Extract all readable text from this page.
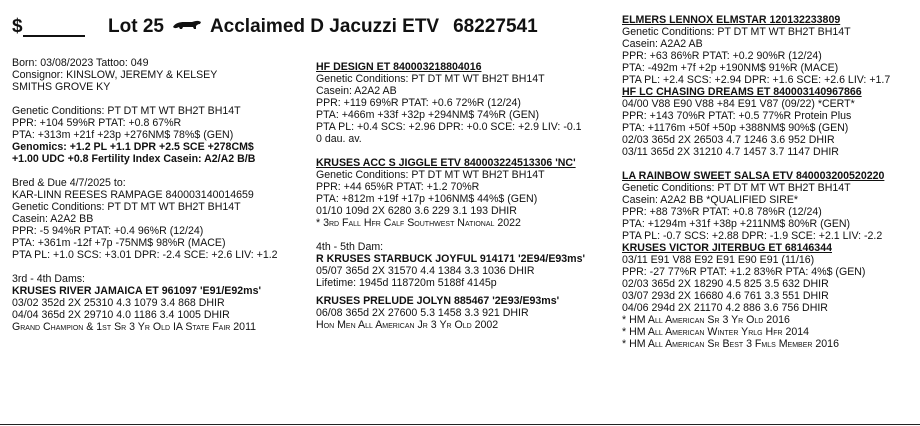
$	Lot 25 Acclaimed D Jacuzzi ETV 68227541
Born: 03/08/2023 Tattoo: 049
Consignor: KINSLOW, JEREMY & KELSEY
SMITHS GROVE KY
Genetic Conditions: PT DT MT WT BH2T BH14T
PPR: +104 59%R PTAT: +0.8 67%R
PTA: +313m +21f +23p +276NM$ 78%$ (GEN)
Genomics: +1.2 PL +1.1 DPR +2.5 SCE +278CM$
+1.00 UDC +0.8 Fertility Index Casein: A2/A2 B/B
Bred & Due 4/7/2025 to:
KAR-LINN REESES RAMPAGE 840003140014659
Genetic Conditions: PT DT MT WT BH2T BH14T
Casein: A2A2 BB
PPR: -5 94%R PTAT: +0.4 96%R (12/24)
PTA: +361m -12f +7p -75NM$ 98%R (MACE)
PTA PL: +1.0 SCS: +3.01 DPR: -2.4 SCE: +2.6 LIV: +1.2
3rd - 4th Dams:
KRUSES RIVER JAMAICA ET 961097 'E91/E92ms'
03/02 352d 2X 25310 4.3 1079 3.4 868 DHIR
04/04 365d 2X 29710 4.0 1186 3.4 1005 DHIR
Grand Champion & 1st Sr 3 Yr Old IA State Fair 2011
HF DESIGN ET 840003218804016
Genetic Conditions: PT DT MT WT BH2T BH14T
Casein: A2A2 AB
PPR: +119 69%R PTAT: +0.6 72%R (12/24)
PTA: +466m +33f +32p +294NM$ 74%R (GEN)
PTA PL: +0.4 SCS: +2.96 DPR: +0.0 SCE: +2.9 LIV: -0.1
0 dau. av.
KRUSES ACC S JIGGLE ETV 840003224513306 'NC'
Genetic Conditions: PT DT MT WT BH2T BH14T
PPR: +44 65%R PTAT: +1.2 70%R
PTA: +812m +19f +17p +106NM$ 44%$ (GEN)
01/10 109d 2X 6280 3.6 229 3.1 193 DHIR
* 3rd Fall Hfr Calf Southwest National 2022
4th - 5th Dam:
R KRUSES STARBUCK JOYFUL 914171 '2E94/E93ms'
05/07 365d 2X 31570 4.4 1384 3.3 1036 DHIR
Lifetime: 1945d 118720m 5188f 4145p
KRUSES PRELUDE JOLYN 885467 '2E93/E93ms'
06/08 365d 2X 27600 5.3 1458 3.3 921 DHIR
Hon Men All American Jr 3 Yr Old 2002
ELMERS LENNOX ELMSTAR 120132233809
Genetic Conditions: PT DT MT WT BH2T BH14T
Casein: A2A2 AB
PPR: +63 86%R PTAT: +0.2 90%R (12/24)
PTA: -492m +7f +2p +190NM$ 91%R (MACE)
PTA PL: +2.4 SCS: +2.94 DPR: +1.6 SCE: +2.6 LIV: +1.7
HF LC CHASING DREAMS ET 840003140967866
04/00 V88 E90 V88 +84 E91 V87 (09/22) *CERT*
PPR: +143 70%R PTAT: +0.5 77%R Protein Plus
PTA: +1176m +50f +50p +388NM$ 90%$ (GEN)
02/03 365d 2X 26503 4.7 1246 3.6 952 DHIR
03/11 365d 2X 31210 4.7 1457 3.7 1147 DHIR
LA RAINBOW SWEET SALSA ETV 840003200520220
Genetic Conditions: PT DT MT WT BH2T BH14T
Casein: A2A2 BB *QUALIFIED SIRE*
PPR: +88 73%R PTAT: +0.8 78%R (12/24)
PTA: +1294m +31f +38p +211NM$ 80%R (GEN)
PTA PL: -0.7 SCS: +2.88 DPR: -1.9 SCE: +2.1 LIV: -2.2
KRUSES VICTOR JITERBUG ET 68146344
03/11 E91 V88 E92 E91 E90 E91 (11/16)
PPR: -27 77%R PTAT: +1.2 83%R PTA: 4%$ (GEN)
02/03 365d 2X 18290 4.5 825 3.5 632 DHIR
03/07 293d 2X 16680 4.6 761 3.3 551 DHIR
04/06 294d 2X 21170 4.2 886 3.6 756 DHIR
* HM All American Sr 3 Yr Old 2016
* HM All American Winter Yrlg Hfr 2014
* HM All American Sr Best 3 Fmls Member 2016
